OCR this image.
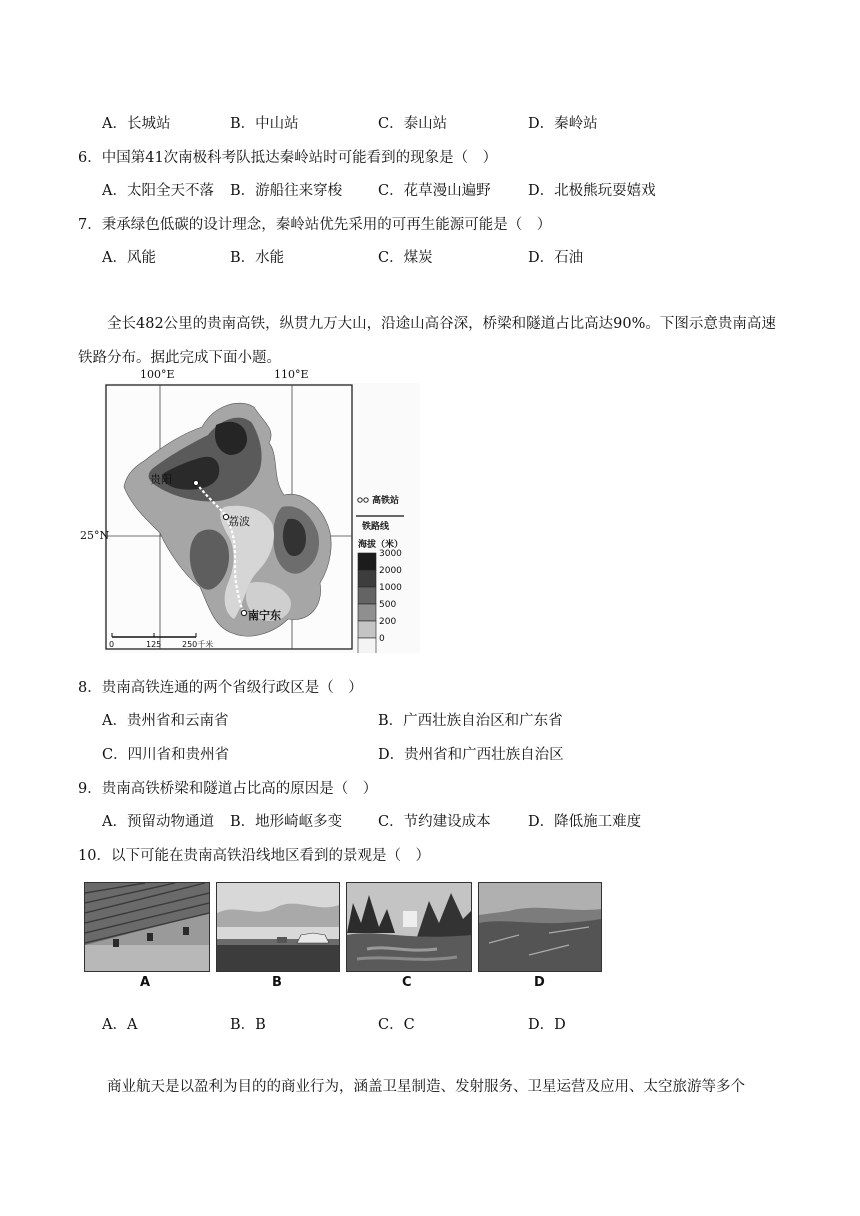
A．长城站	B．中山站	C．泰山站	D．秦岭站
6．中国第41次南极科考队抵达秦岭站时可能看到的现象是（　）
A．太阳全天不落 B．游船往来穿梭 C．花草漫山遍野	D．北极熊玩耍嬉戏
7．秉承绿色低碳的设计理念，秦岭站优先采用的可再生能源可能是（　）
A．风能	B．水能	C．煤炭	D．石油
全长482公里的贵南高铁，纵贯九万大山，沿途山高谷深，桥梁和隧道占比高达90%。下图示意贵南高速铁路分布。据此完成下面小题。
贵阳
荔波
南宁东
0	125	250千米
高铁站
铁路线
海拔（米）
3000
2000
1000
500
200
0
100°E	110°E
25°N
8．贵南高铁连通的两个省级行政区是（　）
A．贵州省和云南省	B．广西壮族自治区和广东省
C．四川省和贵州省	D．贵州省和广西壮族自治区
9．贵南高铁桥梁和隧道占比高的原因是（　）
A．预留动物通道 B．地形崎岖多变 C．节约建设成本	D．降低施工难度
10．以下可能在贵南高铁沿线地区看到的景观是（　）
A	B	C	D
A．A	B．B	C．C	D．D
商业航天是以盈利为目的的商业行为，涵盖卫星制造、发射服务、卫星运营及应用、太空旅游等多个
